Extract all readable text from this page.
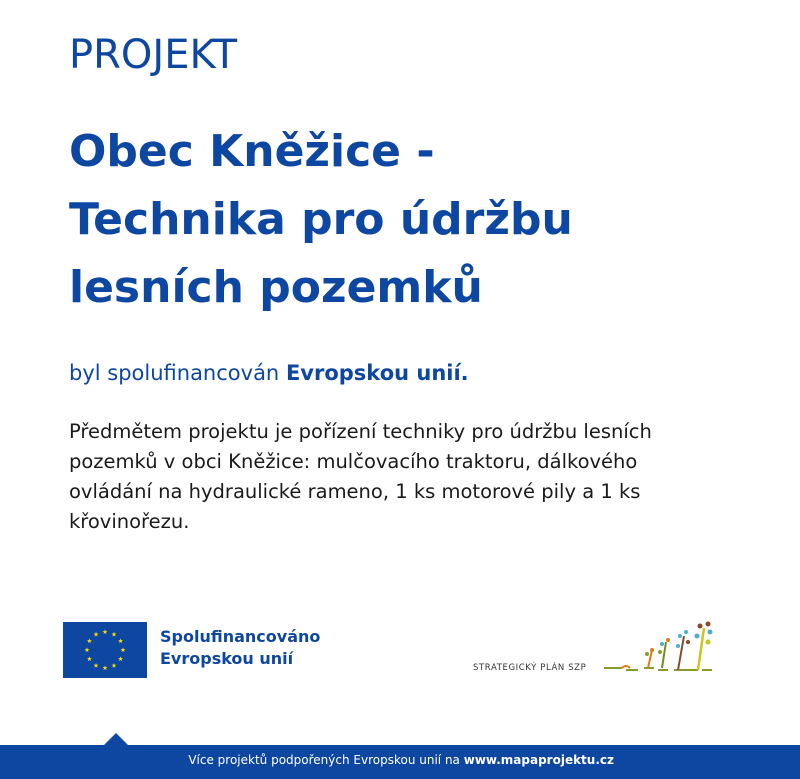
PROJEKT
Obec Kněžice -
Technika pro údržbu
lesních pozemků
byl spolufinancován Evropskou unií.
Předmětem projektu je pořízení techniky pro údržbu lesních
pozemků v obci Kněžice: mulčovacího traktoru, dálkového
ovládání na hydraulické rameno, 1 ks motorové pily a 1 ks
křovinořezu.
Spolufinancováno
Evropskou unií	STRATEGICKÝ PLÁN SZP
Více projektů podpořených Evropskou unií na www.mapaprojektu.cz
